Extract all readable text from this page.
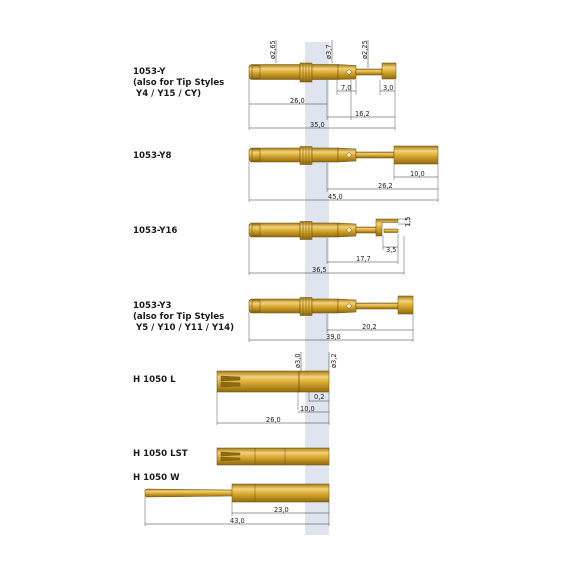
1053-Y
(also for Tip Styles
Y4 / Y15 / CY)
ø2,65	ø3,7	ø2,25
7,0	3,0
26,0
16,2
35,0
1053-Y8
10,0
26,2
45,0
1053-Y16
1,5
3,5
17,7
36,5
1053-Y3
(also for Tip Styles
Y5 / Y10 / Y11 / Y14)	20,2
39,0
H 1050 L
ø3,0	ø3,2
0,2
10,0
26,0
H 1050 LST
H 1050 W
23,0
43,0
